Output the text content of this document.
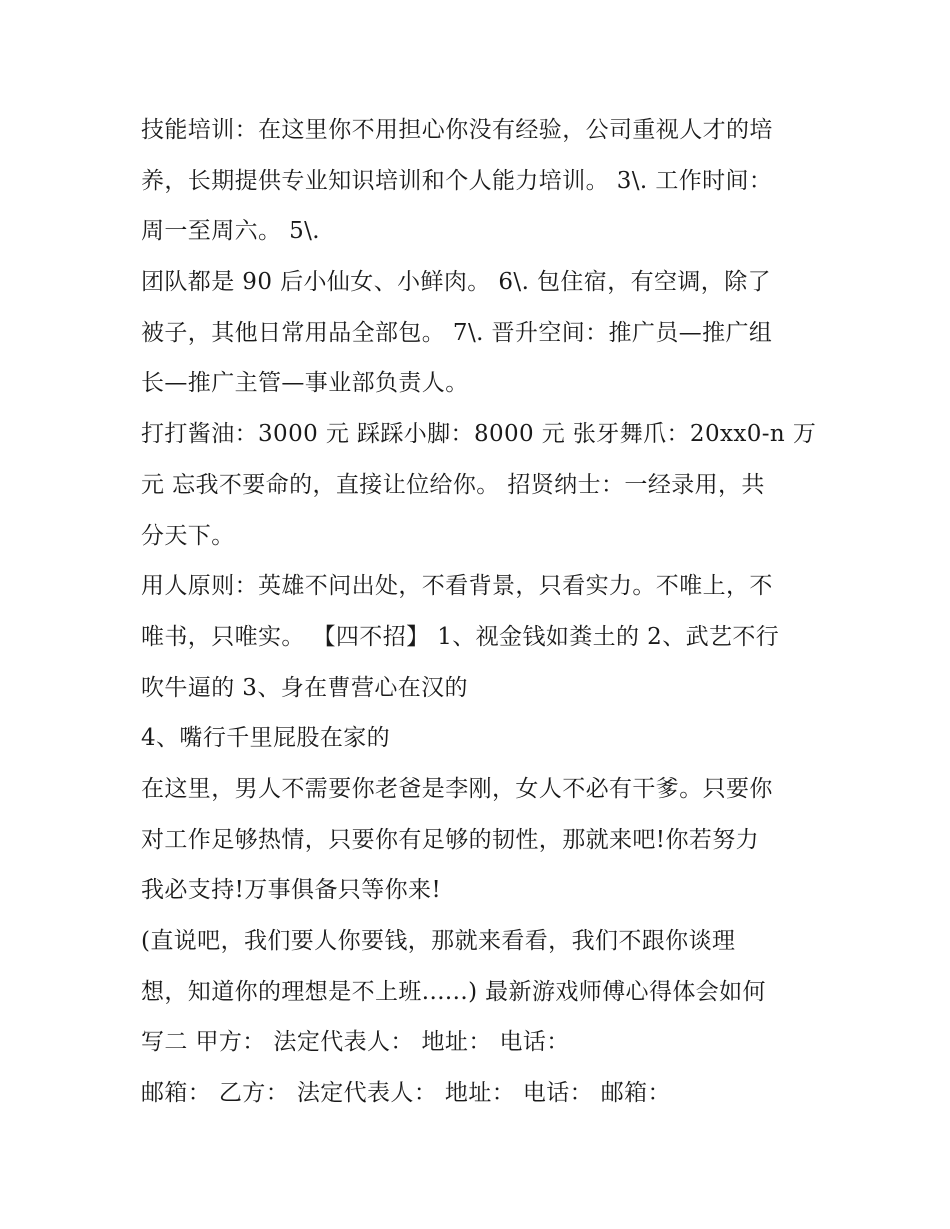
技能培训：在这里你不用担心你没有经验，公司重视人才的培
养，长期提供专业知识培训和个人能力培训。 3\. 工作时间：
周一至周六。 5\.
团队都是 90 后小仙女、小鲜肉。 6\. 包住宿，有空调，除了
被子，其他日常用品全部包。 7\. 晋升空间：推广员—推广组
长—推广主管—事业部负责人。
打打酱油：3000 元 踩踩小脚：8000 元 张牙舞爪：20xx0-n 万
元 忘我不要命的，直接让位给你。 招贤纳士：一经录用，共
分天下。
用人原则：英雄不问出处，不看背景，只看实力。不唯上，不
唯书，只唯实。 【四不招】 1、视金钱如粪土的 2、武艺不行
吹牛逼的 3、身在曹营心在汉的
4、嘴行千里屁股在家的
在这里，男人不需要你老爸是李刚，女人不必有干爹。只要你
对工作足够热情，只要你有足够的韧性，那就来吧!你若努力
我必支持!万事俱备只等你来!
(直说吧，我们要人你要钱，那就来看看，我们不跟你谈理
想，知道你的理想是不上班......) 最新游戏师傅心得体会如何
写二 甲方： 法定代表人： 地址： 电话：
邮箱： 乙方： 法定代表人： 地址： 电话： 邮箱：
